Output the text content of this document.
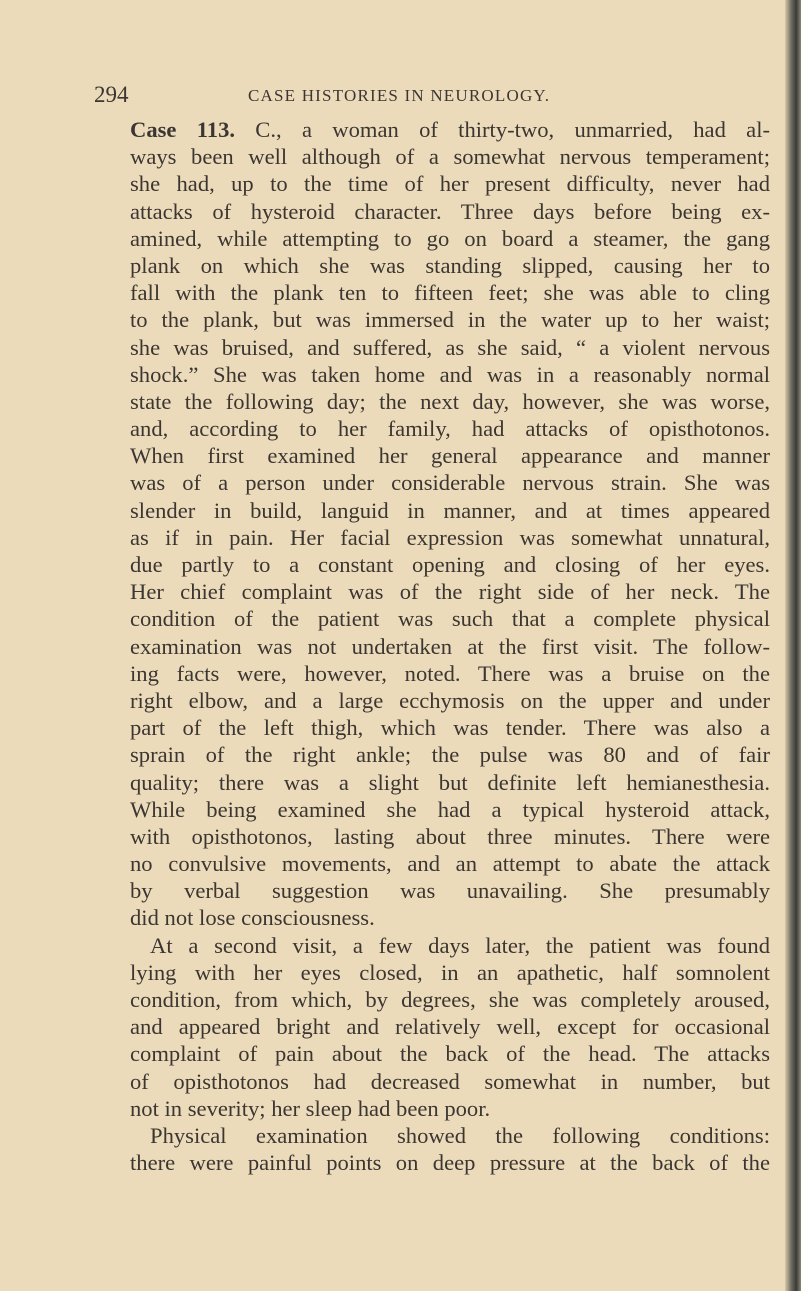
294	CASE HISTORIES IN NEUROLOGY.
Case 113. C., a woman of thirty-two, unmarried, had al-
ways been well although of a somewhat nervous temperament;
she had, up to the time of her present difficulty, never had
attacks of hysteroid character. Three days before being ex-
amined, while attempting to go on board a steamer, the gang
plank on which she was standing slipped, causing her to
fall with the plank ten to fifteen feet; she was able to cling
to the plank, but was immersed in the water up to her waist;
she was bruised, and suffered, as she said, “ a violent nervous
shock.” She was taken home and was in a reasonably normal
state the following day; the next day, however, she was worse,
and, according to her family, had attacks of opisthotonos.
When first examined her general appearance and manner
was of a person under considerable nervous strain. She was
slender in build, languid in manner, and at times appeared
as if in pain. Her facial expression was somewhat unnatural,
due partly to a constant opening and closing of her eyes.
Her chief complaint was of the right side of her neck. The
condition of the patient was such that a complete physical
examination was not undertaken at the first visit. The follow-
ing facts were, however, noted. There was a bruise on the
right elbow, and a large ecchymosis on the upper and under
part of the left thigh, which was tender. There was also a
sprain of the right ankle; the pulse was 80 and of fair
quality; there was a slight but definite left hemianesthesia.
While being examined she had a typical hysteroid attack,
with opisthotonos, lasting about three minutes. There were
no convulsive movements, and an attempt to abate the attack
by verbal suggestion was unavailing. She presumably
did not lose consciousness.
At a second visit, a few days later, the patient was found
lying with her eyes closed, in an apathetic, half somnolent
condition, from which, by degrees, she was completely aroused,
and appeared bright and relatively well, except for occasional
complaint of pain about the back of the head. The attacks
of opisthotonos had decreased somewhat in number, but
not in severity; her sleep had been poor.
Physical examination showed the following conditions:
there were painful points on deep pressure at the back of the
